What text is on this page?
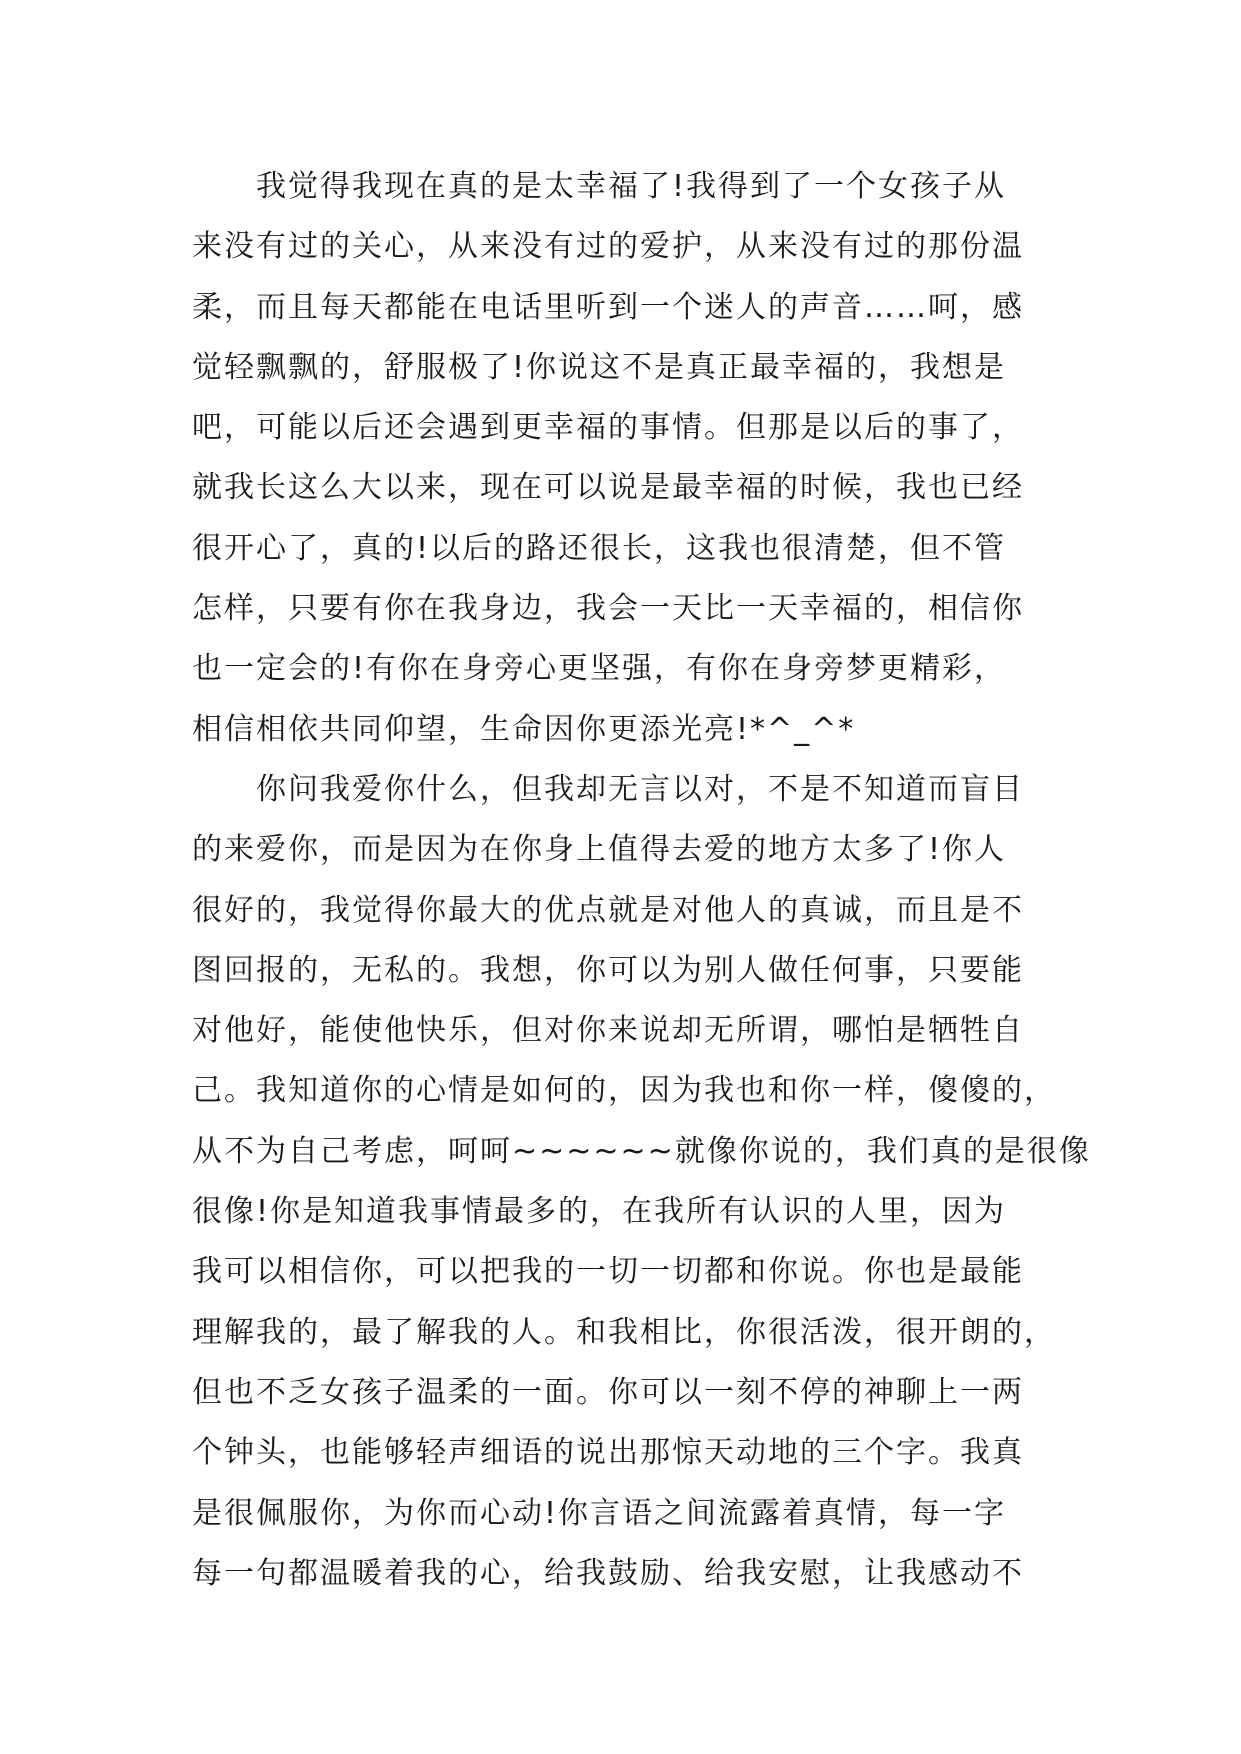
我觉得我现在真的是太幸福了!我得到了一个女孩子从
来没有过的关心，从来没有过的爱护，从来没有过的那份温
柔，而且每天都能在电话里听到一个迷人的声音……呵，感
觉轻飘飘的，舒服极了!你说这不是真正最幸福的，我想是
吧，可能以后还会遇到更幸福的事情。但那是以后的事了，
就我长这么大以来，现在可以说是最幸福的时候，我也已经
很开心了，真的!以后的路还很长，这我也很清楚，但不管
怎样，只要有你在我身边，我会一天比一天幸福的，相信你
也一定会的!有你在身旁心更坚强，有你在身旁梦更精彩，
相信相依共同仰望，生命因你更添光亮!*^_^*
你问我爱你什么，但我却无言以对，不是不知道而盲目
的来爱你，而是因为在你身上值得去爱的地方太多了!你人
很好的，我觉得你最大的优点就是对他人的真诚，而且是不
图回报的，无私的。我想，你可以为别人做任何事，只要能
对他好，能使他快乐，但对你来说却无所谓，哪怕是牺牲自
己。我知道你的心情是如何的，因为我也和你一样，傻傻的，
从不为自己考虑，呵呵~~~~~~就像你说的，我们真的是很像
很像!你是知道我事情最多的，在我所有认识的人里，因为
我可以相信你，可以把我的一切一切都和你说。你也是最能
理解我的，最了解我的人。和我相比，你很活泼，很开朗的，
但也不乏女孩子温柔的一面。你可以一刻不停的神聊上一两
个钟头，也能够轻声细语的说出那惊天动地的三个字。我真
是很佩服你，为你而心动!你言语之间流露着真情，每一字
每一句都温暖着我的心，给我鼓励、给我安慰，让我感动不
